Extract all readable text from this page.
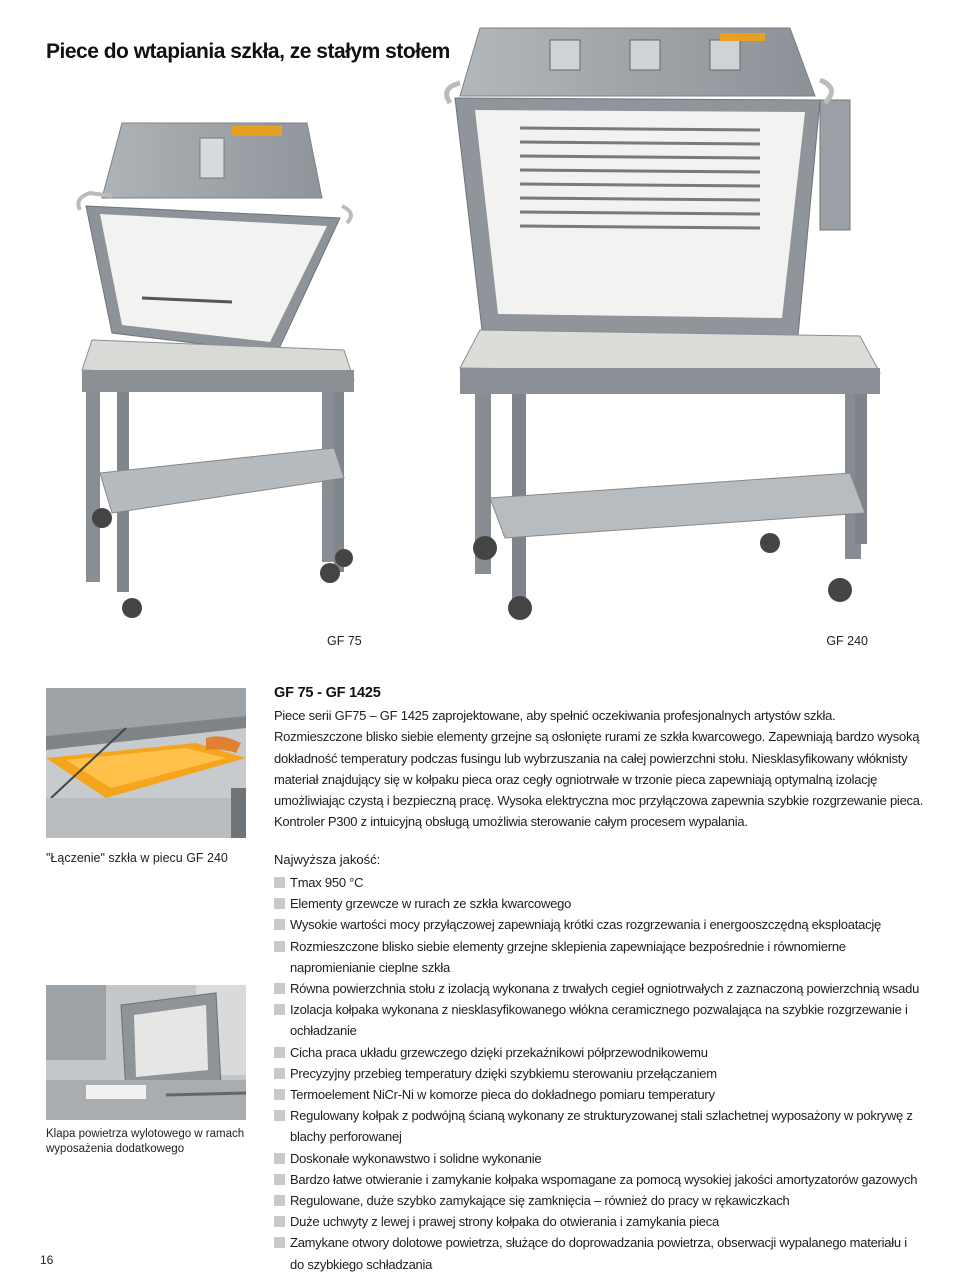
Piece do wtapiania szkła, ze stałym stołem
GF 75	GF 240
"Łączenie" szkła w piecu GF 240
Klapa powietrza wylotowego w ramach wyposażenia dodatkowego
GF 75 - GF 1425
Piece serii GF75 – GF 1425 zaprojektowane, aby spełnić oczekiwania profesjonalnych artystów szkła.
Rozmieszczone blisko siebie elementy grzejne są osłonięte rurami ze szkła kwarcowego. Zapewniają bardzo wysoką dokładność temperatury podczas fusingu lub wybrzuszania na całej powierzchni stołu. Niesklasyfikowany włóknisty materiał znajdujący się w kołpaku pieca oraz cegły ogniotrwałe w trzonie pieca zapewniają optymalną izolację umożliwiając czystą i bezpieczną pracę. Wysoka elektryczna moc przyłączowa zapewnia szybkie rozgrzewanie pieca. Kontroler P300 z intuicyjną obsługą umożliwia sterowanie całym procesem wypalania.
Najwyższa jakość:
Tmax 950 °C
Elementy grzewcze w rurach ze szkła kwarcowego
Wysokie wartości mocy przyłączowej zapewniają krótki czas rozgrzewania i energooszczędną eksploatację
Rozmieszczone blisko siebie elementy grzejne sklepienia zapewniające bezpośrednie i równomierne napromienianie cieplne szkła
Równa powierzchnia stołu z izolacją wykonana z trwałych cegieł ogniotrwałych z zaznaczoną powierzchnią wsadu
Izolacja kołpaka wykonana z niesklasyfikowanego włókna ceramicznego pozwalająca na szybkie rozgrzewanie i ochładzanie
Cicha praca układu grzewczego dzięki przekaźnikowi półprzewodnikowemu
Precyzyjny przebieg temperatury dzięki szybkiemu sterowaniu przełączaniem
Termoelement NiCr-Ni w komorze pieca do dokładnego pomiaru temperatury
Regulowany kołpak z podwójną ścianą wykonany ze strukturyzowanej stali szlachetnej wyposażony w pokrywę z blachy perforowanej
Doskonałe wykonawstwo i solidne wykonanie
Bardzo łatwe otwieranie i zamykanie kołpaka wspomagane za pomocą wysokiej jakości amortyzatorów gazowych
Regulowane, duże szybko zamykające się zamknięcia – również do pracy w rękawiczkach
Duże uchwyty z lewej i prawej strony kołpaka do otwierania i zamykania pieca
Zamykane otwory dolotowe powietrza, służące do doprowadzania powietrza, obserwacji wypalanego materiału i do szybkiego schładzania
16
